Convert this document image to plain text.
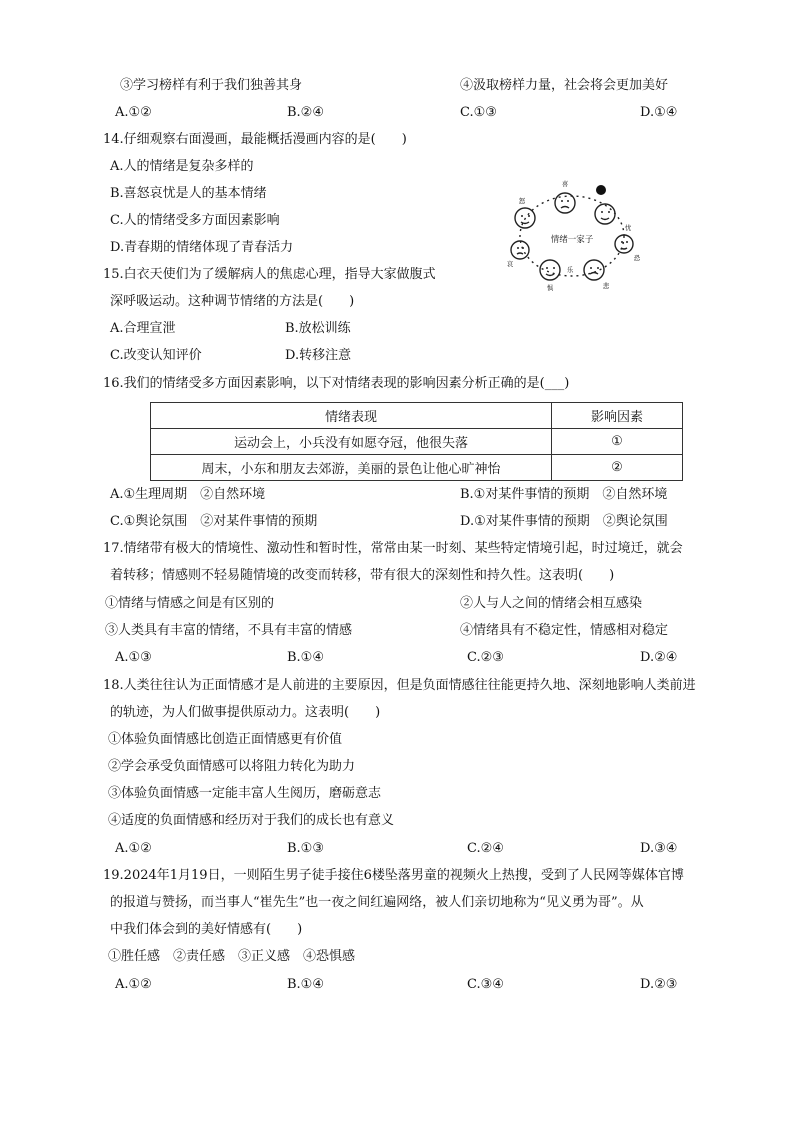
③学习榜样有利于我们独善其身	④汲取榜样力量，社会将会更加美好
A.①②	B.②④	C.①③	D.①④
14.仔细观察右面漫画，最能概括漫画内容的是(　　)
A.人的情绪是复杂多样的
B.喜怒哀忧是人的基本情绪
C.人的情绪受多方面因素影响
D.青春期的情绪体现了青春活力	情绪一家子
喜
怒
哀
惧
乐
悲
忧
恐
15.白衣天使们为了缓解病人的焦虑心理，指导大家做腹式
深呼吸运动。这种调节情绪的方法是(　　)
A.合理宣泄	B.放松训练
C.改变认知评价	D.转移注意
16.我们的情绪受多方面因素影响，以下对情绪表现的影响因素分析正确的是(___)
情绪表现	影响因素
运动会上，小兵没有如愿夺冠，他很失落	①
周末，小东和朋友去郊游，美丽的景色让他心旷神怡	②
A.①生理周期　②自然环境	B.①对某件事情的预期　②自然环境
C.①舆论氛围　②对某件事情的预期	D.①对某件事情的预期　②舆论氛围
17.情绪带有极大的情境性、激动性和暂时性，常常由某一时刻、某些特定情境引起，时过境迁，就会
着转移；情感则不轻易随情境的改变而转移，带有很大的深刻性和持久性。这表明(　　)
①情绪与情感之间是有区别的	②人与人之间的情绪会相互感染
③人类具有丰富的情绪，不具有丰富的情感	④情绪具有不稳定性，情感相对稳定
A.①③	B.①④	C.②③	D.②④
18.人类往往认为正面情感才是人前进的主要原因，但是负面情感往往能更持久地、深刻地影响人类前进
的轨迹，为人们做事提供原动力。这表明(　　)
①体验负面情感比创造正面情感更有价值
②学会承受负面情感可以将阻力转化为助力
③体验负面情感一定能丰富人生阅历，磨砺意志
④适度的负面情感和经历对于我们的成长也有意义
A.①②	B.①③	C.②④	D.③④
19.2024年1月19日，一则陌生男子徒手接住6楼坠落男童的视频火上热搜，受到了人民网等媒体官博
的报道与赞扬，而当事人“崔先生”也一夜之间红遍网络，被人们亲切地称为“见义勇为哥”。从
中我们体会到的美好情感有(　　)
①胜任感　②责任感　③正义感　④恐惧感
A.①②	B.①④	C.③④	D.②③
